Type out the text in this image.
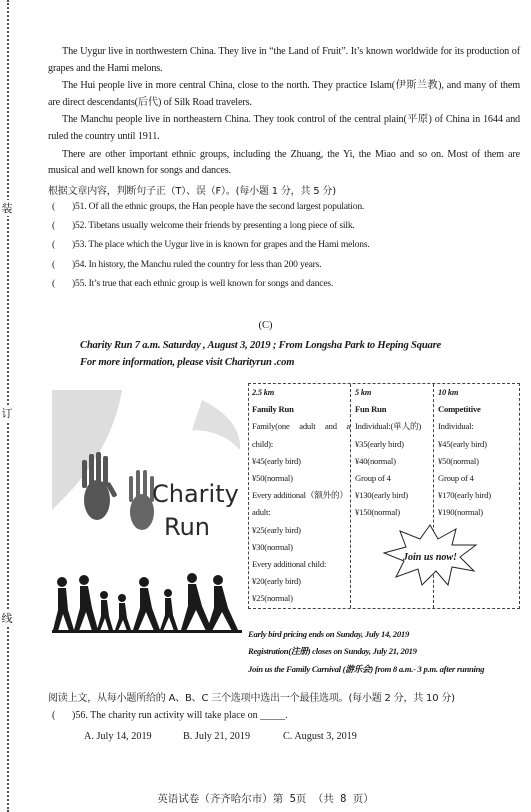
装
订
线

The Uygur live in northwestern China. They live in “the Land of Fruit”. It’s known worldwide for its production of grapes and the Hami melons.

The Hui people live in more central China, close to the north. They practice Islam(伊斯兰教), and many of them are direct descendants(后代) of Silk Road travelers.

The Manchu people live in northeastern China. They took control of the central plain(平原) of China in 1644 and ruled the country until 1911.

There are other important ethnic groups, including the Zhuang, the Yi, the Miao and so on. Most of them are musical and well known for songs and dances.

根据文章内容，判断句子正（T）、误（F）。(每小题 1 分，共 5 分)
( )51. Of all the ethnic groups, the Han people have the second largest population.
( )52. Tibetans usually welcome their friends by presenting a long piece of silk.
( )53. The place which the Uygur live in is known for grapes and the Hami melons.
( )54. In history, the Manchu ruled the country for less than 200 years.
( )55. It’s true that each ethnic group is well known for songs and dances.
(C)
Charity Run 7 a.m. Saturday , August 3, 2019 ; From Longsha Park to Heping Square
For more information, please visit Charityrun .com
Charity
Run
2.5 km
Family Run
Family(one adult and a
child):
¥45(early bird)
¥50(normal)
Every additional（额外的）
adult:
¥25(early bird)
¥30(normal)
Every additional child:
¥20(early bird)
¥25(normal)
5 km
Fun Run
Individual:(单人的)
¥35(early bird)
¥40(normal)
Group of 4
¥130(early bird)
¥150(normal)
10 km
Competitive
Individual:
¥45(early bird)
¥50(normal)
Group of 4
¥170(early bird)
¥190(normal)
Join us now!
Early bird pricing ends on Sunday, July 14, 2019
Registration(注册) closes on Sunday, July 21, 2019
Join us the Family Carnival (游乐会) from 8 a.m.- 3 p.m. after running
阅读上文，从每小题所给的 A、B、C 三个选项中选出一个最佳选项。(每小题 2 分，共 10 分)
( )56. The charity run activity will take place on _____.
A. July 14, 2019	B. July 21, 2019	C. August 3, 2019
英语试卷（齐齐哈尔市）第 5页 （共 8 页）
